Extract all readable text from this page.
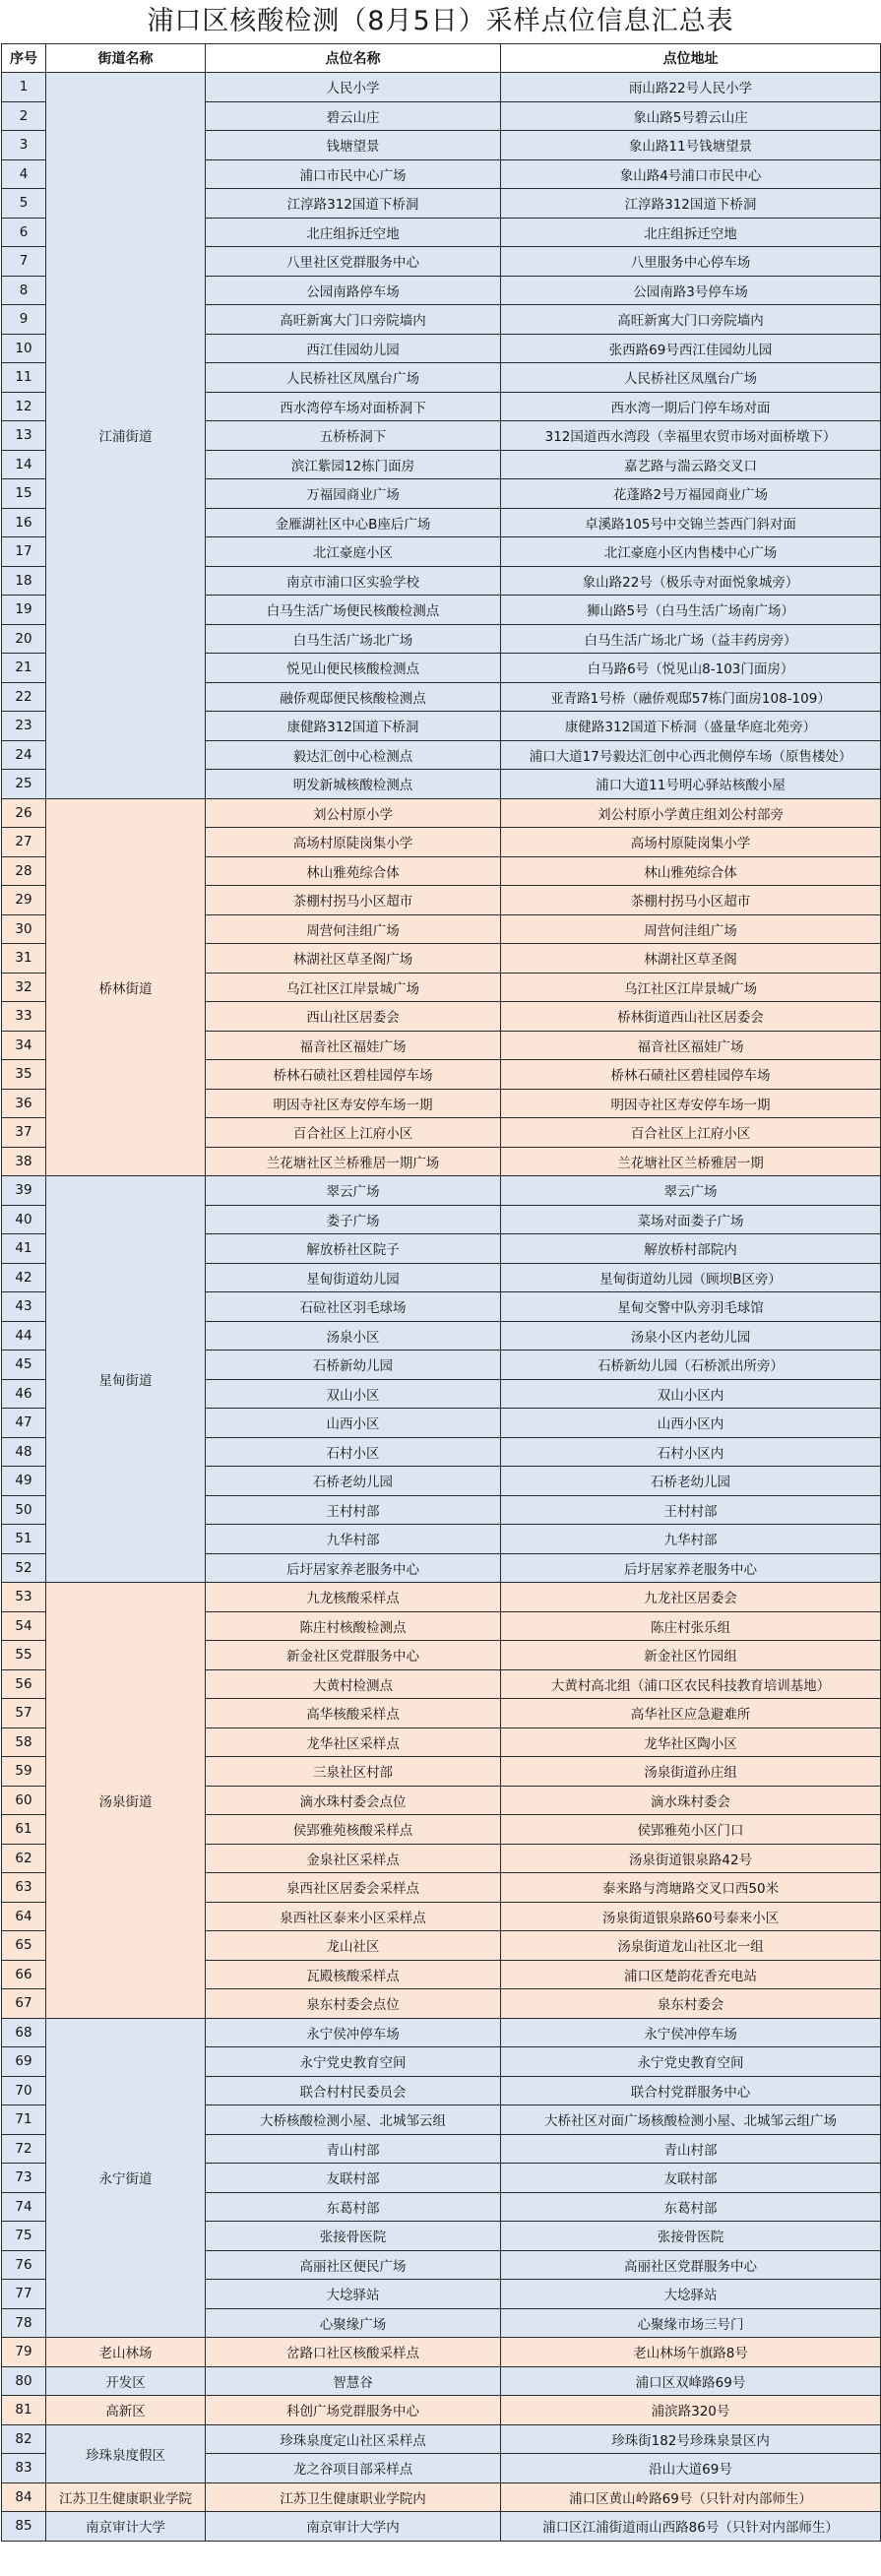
浦口区核酸检测（8月5日）采样点位信息汇总表
序号	街道名称	点位名称	点位地址
1	江浦街道	人民小学	雨山路22号人民小学
2		碧云山庄	象山路5号碧云山庄
3		钱塘望景	象山路11号钱塘望景
4		浦口市民中心广场	象山路4号浦口市民中心
5		江淳路312国道下桥洞	江淳路312国道下桥洞
6		北庄组拆迁空地	北庄组拆迁空地
7		八里社区党群服务中心	八里服务中心停车场
8		公园南路停车场	公园南路3号停车场
9		高旺新寓大门口旁院墙内	高旺新寓大门口旁院墙内
10		西江佳园幼儿园	张西路69号西江佳园幼儿园
11		人民桥社区凤凰台广场	人民桥社区凤凰台广场
12		西水湾停车场对面桥洞下	西水湾一期后门停车场对面
13		五桥桥洞下	312国道西水湾段（幸福里农贸市场对面桥墩下）
14		滨江紫园12栋门面房	嘉艺路与湍云路交叉口
15		万福园商业广场	花蓬路2号万福园商业广场
16		金雁湖社区中心B座后广场	卓溪路105号中交锦兰荟西门斜对面
17		北江豪庭小区	北江豪庭小区内售楼中心广场
18		南京市浦口区实验学校	象山路22号（极乐寺对面悦象城旁）
19		白马生活广场便民核酸检测点	狮山路5号（白马生活广场南广场）
20		白马生活广场北广场	白马生活广场北广场（益丰药房旁）
21		悦见山便民核酸检测点	白马路6号（悦见山8-103门面房）
22		融侨观邸便民核酸检测点	亚青路1号桥（融侨观邸57栋门面房108-109）
23		康健路312国道下桥洞	康健路312国道下桥洞（盛量华庭北苑旁）
24		毅达汇创中心检测点	浦口大道17号毅达汇创中心西北侧停车场（原售楼处）
25		明发新城核酸检测点	浦口大道11号明心驿站核酸小屋
26	桥林街道	刘公村原小学	刘公村原小学黄庄组刘公村部旁
27		高场村原陡岗集小学	高场村原陡岗集小学
28		林山雅苑综合体	林山雅苑综合体
29		茶棚村拐马小区超市	茶棚村拐马小区超市
30		周营何洼组广场	周营何洼组广场
31		林湖社区草圣阁广场	林湖社区草圣阁
32		乌江社区江岸景城广场	乌江社区江岸景城广场
33		西山社区居委会	桥林街道西山社区居委会
34		福音社区福娃广场	福音社区福娃广场
35		桥林石碛社区碧桂园停车场	桥林石碛社区碧桂园停车场
36		明因寺社区寿安停车场一期	明因寺社区寿安停车场一期
37		百合社区上江府小区	百合社区上江府小区
38		兰花塘社区兰桥雅居一期广场	兰花塘社区兰桥雅居一期
39	星甸街道	翠云广场	翠云广场
40		娄子广场	菜场对面娄子广场
41		解放桥社区院子	解放桥村部院内
42		星甸街道幼儿园	星甸街道幼儿园（顾坝B区旁）
43		石砬社区羽毛球场	星甸交警中队旁羽毛球馆
44		汤泉小区	汤泉小区内老幼儿园
45		石桥新幼儿园	石桥新幼儿园（石桥派出所旁）
46		双山小区	双山小区内
47		山西小区	山西小区内
48		石村小区	石村小区内
49		石桥老幼儿园	石桥老幼儿园
50		王村村部	王村村部
51		九华村部	九华村部
52		后圩居家养老服务中心	后圩居家养老服务中心
53	汤泉街道	九龙核酸采样点	九龙社区居委会
54		陈庄村核酸检测点	陈庄村张乐组
55		新金社区党群服务中心	新金社区竹园组
56		大黄村检测点	大黄村高北组（浦口区农民科技教育培训基地）
57		高华核酸采样点	高华社区应急避难所
58		龙华社区采样点	龙华社区陶小区
59		三泉社区村部	汤泉街道孙庄组
60		滴水珠村委会点位	滴水珠村委会
61		侯郢雅苑核酸采样点	侯郢雅苑小区门口
62		金泉社区采样点	汤泉街道银泉路42号
63		泉西社区居委会采样点	泰来路与湾塘路交叉口西50米
64		泉西社区泰来小区采样点	汤泉街道银泉路60号泰来小区
65		龙山社区	汤泉街道龙山社区北一组
66		瓦殿核酸采样点	浦口区楚韵花香充电站
67		泉东村委会点位	泉东村委会
68	永宁街道	永宁侯冲停车场	永宁侯冲停车场
69		永宁党史教育空间	永宁党史教育空间
70		联合村村民委员会	联合村党群服务中心
71		大桥核酸检测小屋、北城邹云组	大桥社区对面广场核酸检测小屋、北城邹云组广场
72		青山村部	青山村部
73		友联村部	友联村部
74		东葛村部	东葛村部
75		张接骨医院	张接骨医院
76		高丽社区便民广场	高丽社区党群服务中心
77		大埝驿站	大埝驿站
78		心聚缘广场	心聚缘市场三号门
79	老山林场	岔路口社区核酸采样点	老山林场午旗路8号
80	开发区	智慧谷	浦口区双峰路69号
81	高新区	科创广场党群服务中心	浦滨路320号
82	珍珠泉度假区	珍珠泉度定山社区采样点	珍珠街182号珍珠泉景区内
83		龙之谷项目部采样点	沿山大道69号
84	江苏卫生健康职业学院	江苏卫生健康职业学院内	浦口区黄山岭路69号（只针对内部师生）
85	南京审计大学	南京审计大学内	浦口区江浦街道雨山西路86号（只针对内部师生）
